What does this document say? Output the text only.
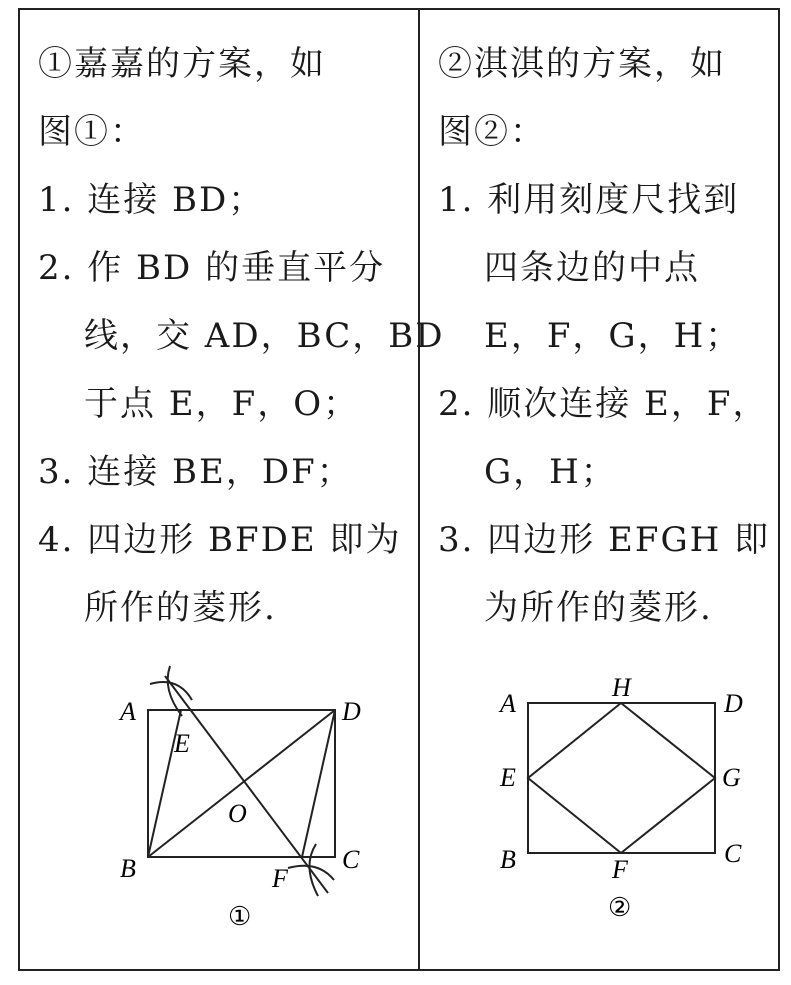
①嘉嘉的方案，如
图①：
1. 连接 BD；
2. 作 BD 的垂直平分
线，交 AD，BC，BD
于点 E，F，O；
3. 连接 BE，DF；
4. 四边形 BFDE 即为
所作的菱形.
②淇淇的方案，如
图②：
1. 利用刻度尺找到
四条边的中点
E，F，G，H；
2. 顺次连接 E，F，
G，H；
3. 四边形 EFGH 即
为所作的菱形.
A	D
B	C
E
O
F
①
A
H
D
E	G
B	F
C
②
